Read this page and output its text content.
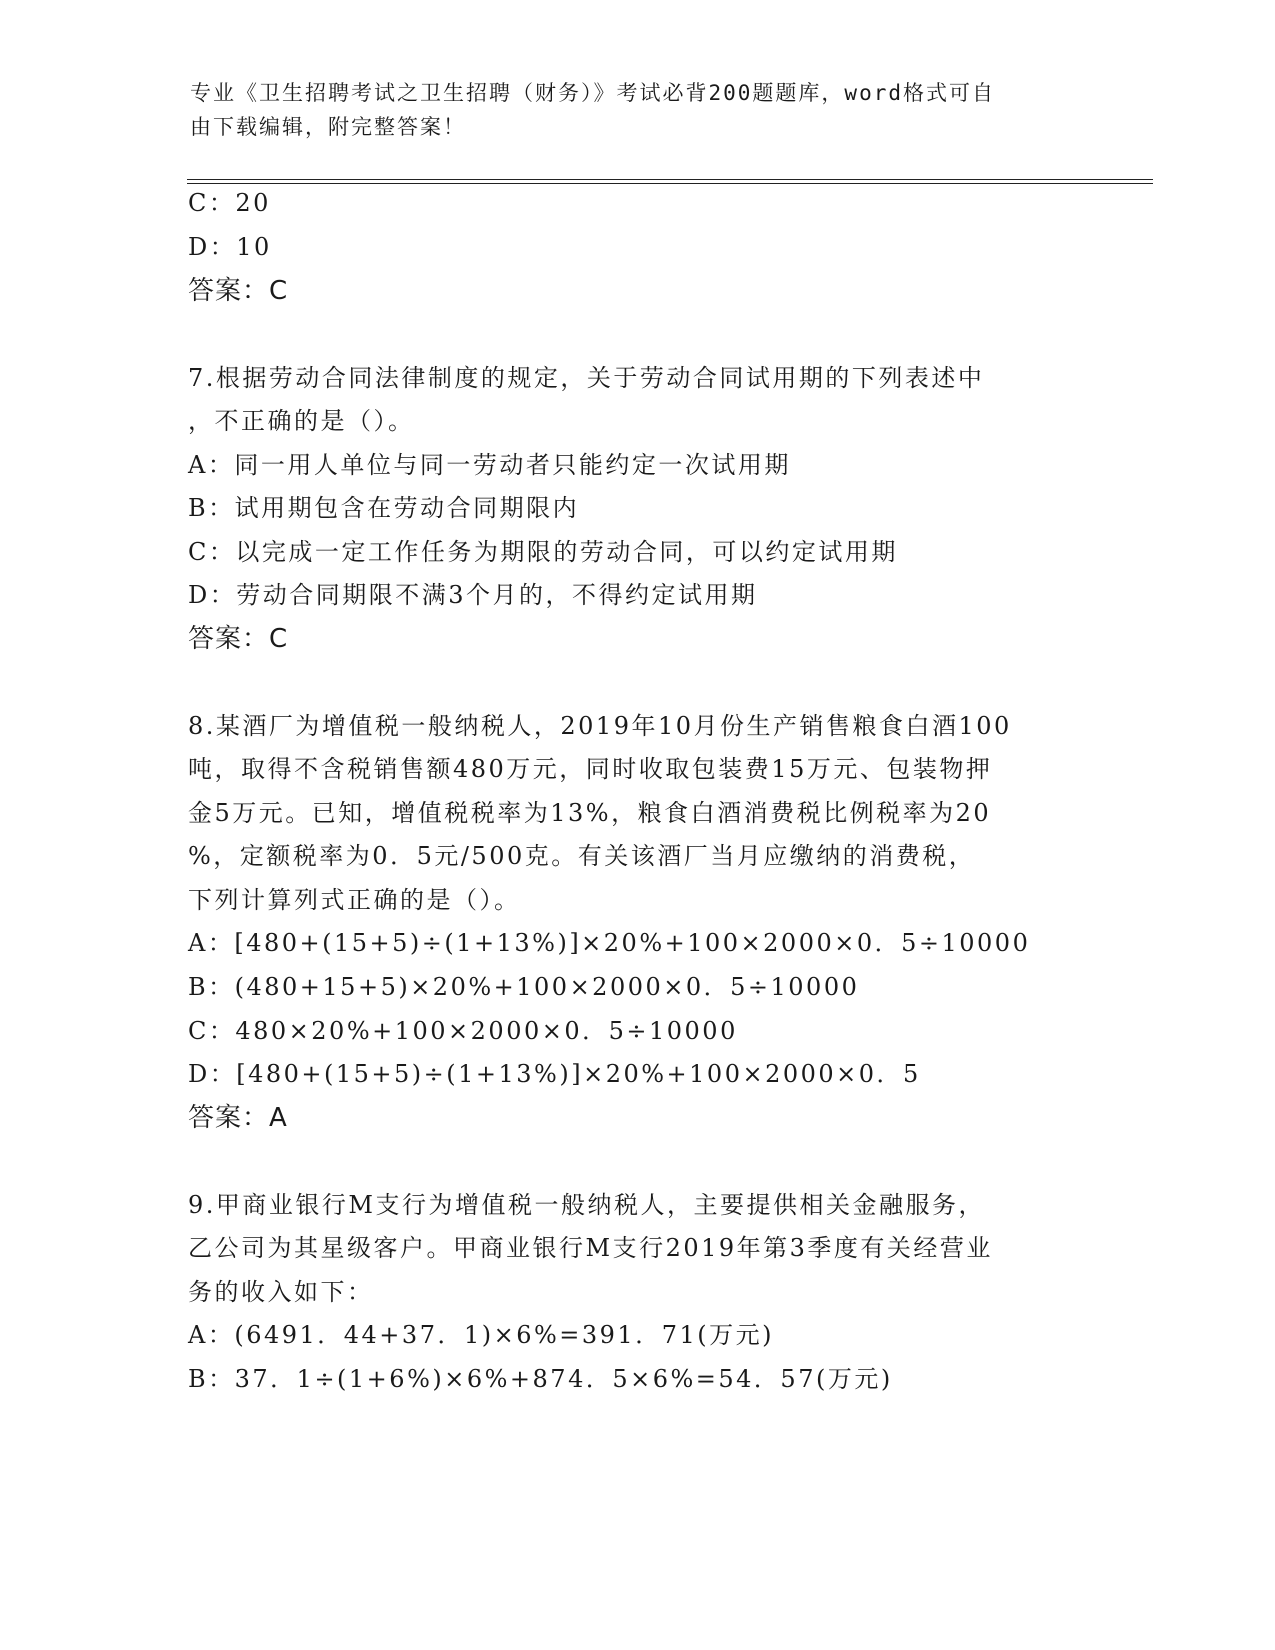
专业《卫生招聘考试之卫生招聘（财务）》考试必背200题题库，word格式可自
由下载编辑，附完整答案！
C：20
D：10
答案：C
7.根据劳动合同法律制度的规定，关于劳动合同试用期的下列表述中
，不正确的是（）。
A：同一用人单位与同一劳动者只能约定一次试用期
B：试用期包含在劳动合同期限内
C：以完成一定工作任务为期限的劳动合同，可以约定试用期
D：劳动合同期限不满3个月的，不得约定试用期
答案：C
8.某酒厂为增值税一般纳税人，2019年10月份生产销售粮食白酒100
吨，取得不含税销售额480万元，同时收取包装费15万元、包装物押
金5万元。已知，增值税税率为13%，粮食白酒消费税比例税率为20
%，定额税率为0．5元/500克。有关该酒厂当月应缴纳的消费税，
下列计算列式正确的是（）。
A：[480+(15+5)÷(1+13%)]×20%+100×2000×0．5÷10000
B：(480+15+5)×20%+100×2000×0．5÷10000
C：480×20%+100×2000×0．5÷10000
D：[480+(15+5)÷(1+13%)]×20%+100×2000×0．5
答案：A
9.甲商业银行M支行为增值税一般纳税人，主要提供相关金融服务，
乙公司为其星级客户。甲商业银行M支行2019年第3季度有关经营业
务的收入如下：
A：(6491．44+37．1)×6%=391．71(万元)
B：37．1÷(1+6%)×6%+874．5×6%=54．57(万元)
